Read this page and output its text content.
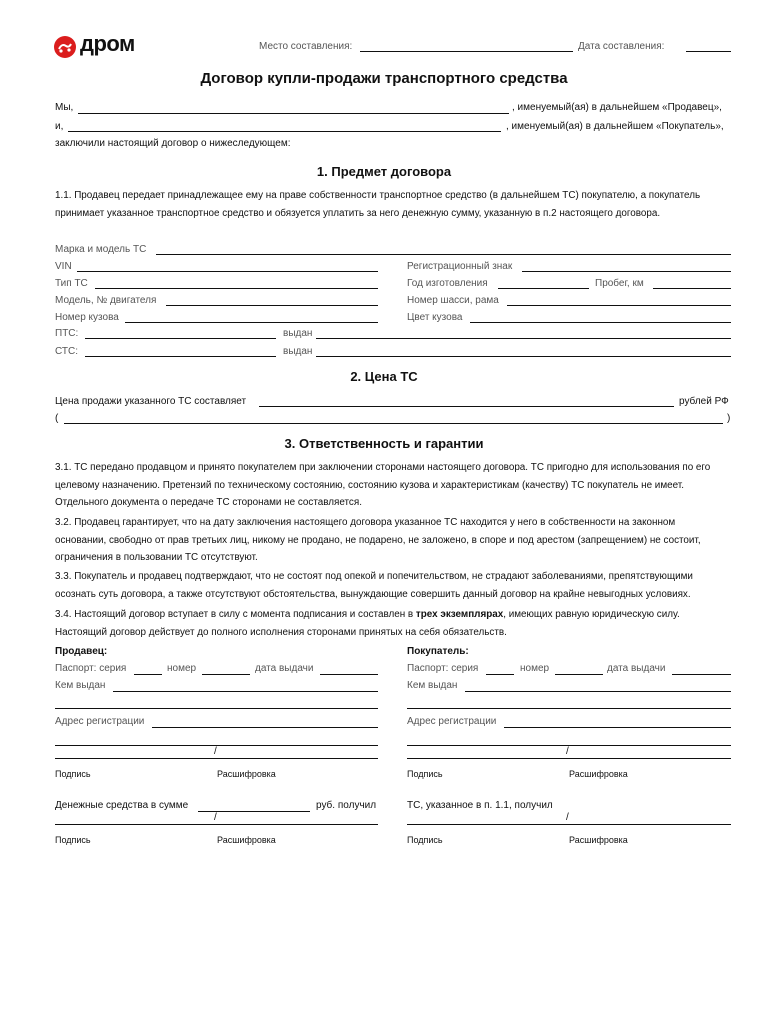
дром	Место составления:	Дата составления:
Договор купли-продажи транспортного средства
Мы,	, именуемый(ая) в дальнейшем «Продавец»,
и,	, именуемый(ая) в дальнейшем «Покупатель»,
заключили настоящий договор о нижеследующем:
1. Предмет договора
1.1. Продавец передает принадлежащее ему на праве собственности транспортное средство (в дальнейшем ТС) покупателю, а покупатель принимает указанное транспортное средство и обязуется уплатить за него денежную сумму, указанную в п.2 настоящего договора.
Марка и модель ТС
VIN	Регистрационный знак
Тип ТС	Год изготовления	Пробег, км
Модель, № двигателя	Номер шасси, рама
Номер кузова	Цвет кузова
ПТС:	выдан
СТС:	выдан
2. Цена ТС
Цена продажи указанного ТС составляет	рублей РФ
(	)
3. Ответственность и гарантии
3.1. ТС передано продавцом и принято покупателем при заключении сторонами настоящего договора. ТС пригодно для использования по его целевому назначению. Претензий по техническому состоянию, состоянию кузова и характеристикам (качеству) ТС покупатель не имеет. Отдельного документа о передаче ТС сторонами не составляется.
3.2. Продавец гарантирует, что на дату заключения настоящего договора указанное ТС находится у него в собственности на законном основании, свободно от прав третьих лиц, никому не продано, не подарено, не заложено, в споре и под арестом (запрещением) не состоит, ограничения в пользовании ТС отсутствуют.
3.3. Покупатель и продавец подтверждают, что не состоят под опекой и попечительством, не страдают заболеваниями, препятствующими осознать суть договора, а также отсутствуют обстоятельства, вынуждающие совершить данный договор на крайне невыгодных условиях.
3.4. Настоящий договор вступает в силу с момента подписания и составлен в трех экземплярах, имеющих равную юридическую силу. Настоящий договор действует до полного исполнения сторонами принятых на себя обязательств.
Продавец:
Паспорт: серия	номер	дата выдачи
Кем выдан
Адрес регистрации
/
Подпись	Расшифровка
Денежные средства в сумме	руб. получил
/
Подпись	Расшифровка
Покупатель:
Паспорт: серия	номер	дата выдачи
Кем выдан
Адрес регистрации
/
Подпись	Расшифровка
ТС, указанное в п. 1.1, получил
/
Подпись	Расшифровка
